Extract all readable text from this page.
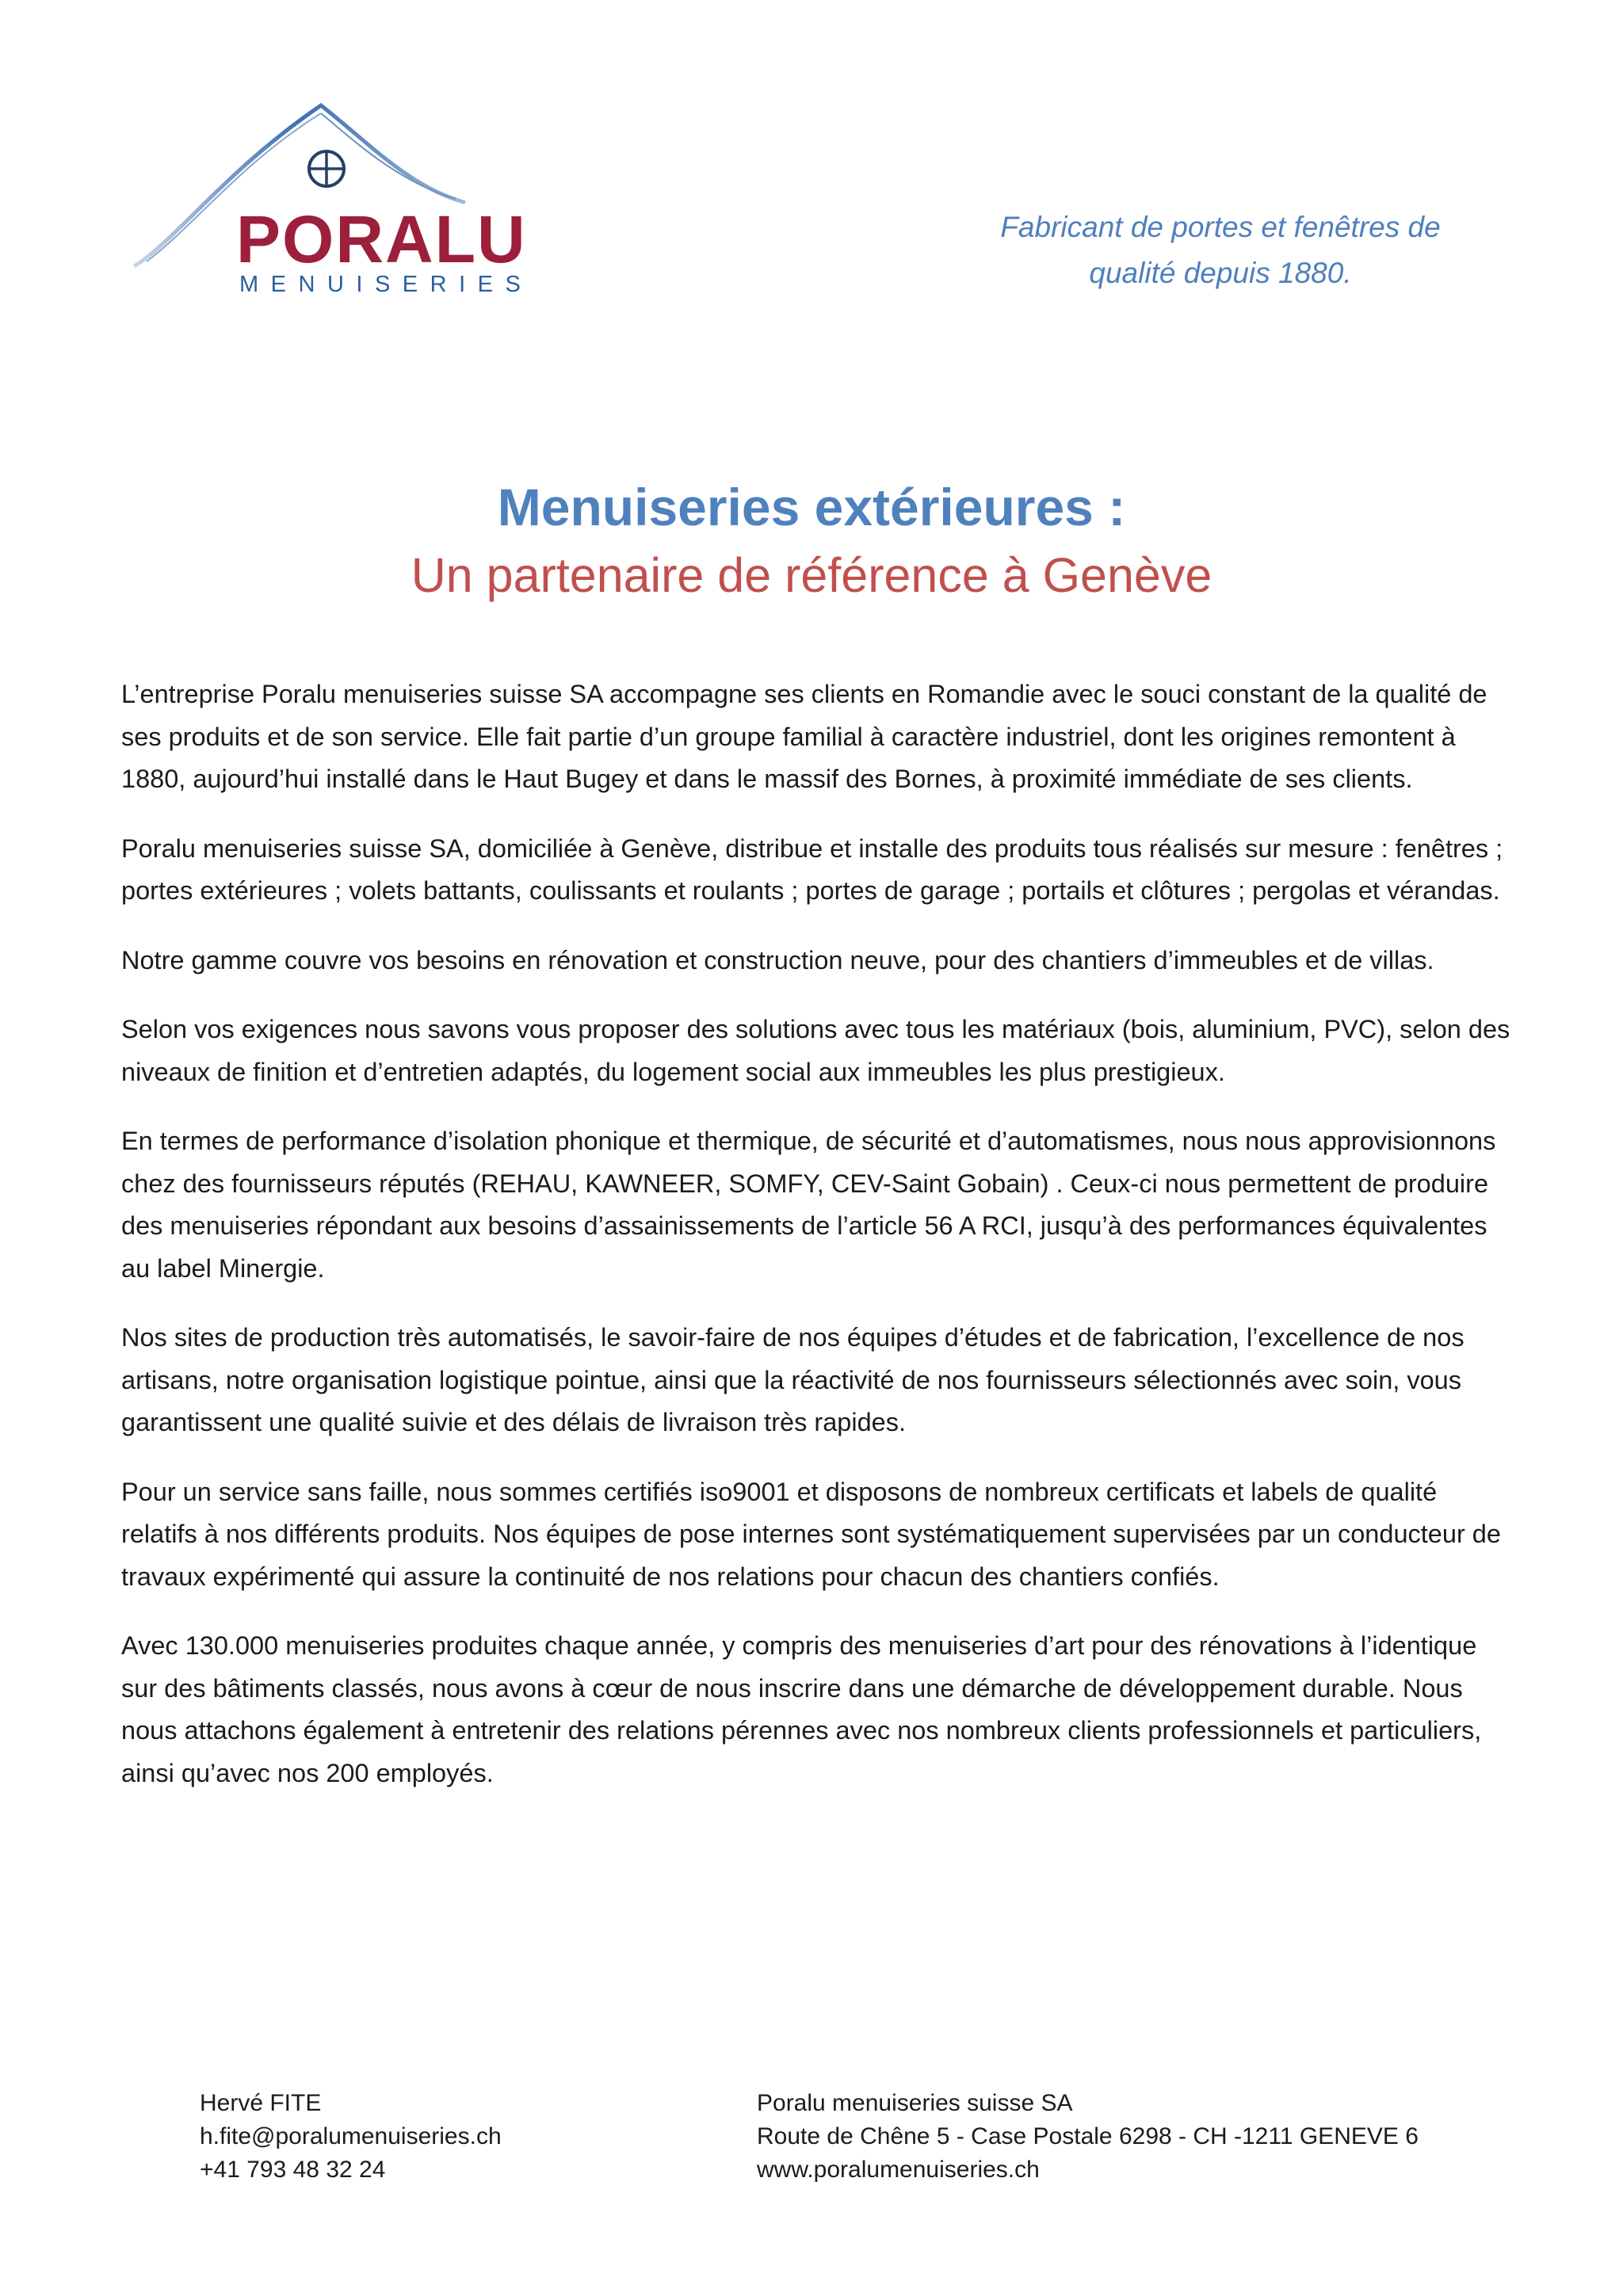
PORALU
MENUISERIES
Fabricant de portes et fenêtres de
qualité depuis 1880.
Menuiseries extérieures :
Un partenaire de référence à Genève

L’entreprise Poralu menuiseries suisse SA accompagne ses clients en Romandie avec le souci constant de la qualité de ses produits et de son service. Elle fait partie d’un groupe familial à caractère industriel, dont les origines remontent à 1880, aujourd’hui installé dans le Haut Bugey et dans le massif des Bornes, à proximité immédiate de ses clients.

Poralu menuiseries suisse SA, domiciliée à Genève, distribue et installe des produits tous réalisés sur mesure : fenêtres ; portes extérieures ; volets battants, coulissants et roulants ; portes de garage ; portails et clôtures ; pergolas et vérandas.

Notre gamme couvre vos besoins en rénovation et construction neuve, pour des chantiers d’immeubles et de villas.

Selon vos exigences nous savons vous proposer des solutions avec tous les matériaux (bois, aluminium, PVC), selon des niveaux de finition et d’entretien adaptés, du logement social aux immeubles les plus prestigieux.

En termes de performance d’isolation phonique et thermique, de sécurité et d’automatismes, nous nous approvisionnons chez des fournisseurs réputés (REHAU, KAWNEER, SOMFY, CEV-Saint Gobain) . Ceux-ci nous permettent de produire des menuiseries répondant aux besoins d’assainissements de l’article 56 A RCI, jusqu’à des performances équivalentes au label Minergie.

Nos sites de production très automatisés, le savoir-faire de nos équipes d’études et de fabrication, l’excellence de nos artisans, notre organisation logistique pointue, ainsi que la réactivité de nos fournisseurs sélectionnés avec soin, vous garantissent une qualité suivie et des délais de livraison très rapides.

Pour un service sans faille, nous sommes certifiés iso9001 et disposons de nombreux certificats et labels de qualité relatifs à nos différents produits. Nos équipes de pose internes sont systématiquement supervisées par un conducteur de travaux expérimenté qui assure la continuité de nos relations pour chacun des chantiers confiés.

Avec 130.000 menuiseries produites chaque année, y compris des menuiseries d’art pour des rénovations à l’identique sur des bâtiments classés, nous avons à cœur de nous inscrire dans une démarche de développement durable. Nous nous attachons également à entretenir des relations pérennes avec nos nombreux clients professionnels et particuliers, ainsi qu’avec nos 200 employés.

Hervé FITE
h.fite@poralumenuiseries.ch
+41 793 48 32 24
Poralu menuiseries suisse SA
Route de Chêne 5 - Case Postale 6298 - CH -1211 GENEVE 6
www.poralumenuiseries.ch
